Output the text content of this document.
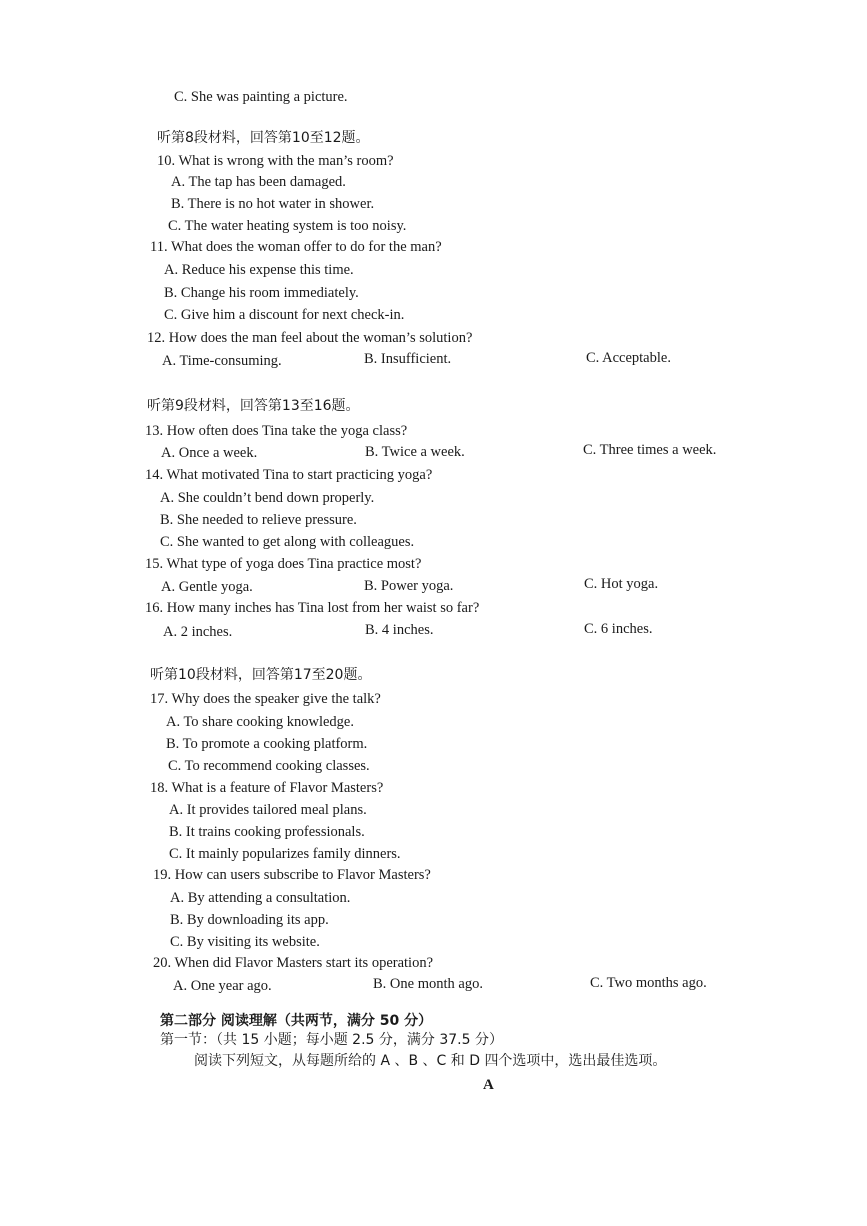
C. She was painting a picture.
听第8段材料，回答第10至12题。
10. What is wrong with the man’s room?
A. The tap has been damaged.
B. There is no hot water in shower.
C. The water heating system is too noisy.
11. What does the woman offer to do for the man?
A. Reduce his expense this time.
B. Change his room immediately.
C. Give him a discount for next check-in.
12. How does the man feel about the woman’s solution?
A. Time-consuming.	B. Insufficient.	C. Acceptable.
听第9段材料，回答第13至16题。
13. How often does Tina take the yoga class?
A. Once a week.	B. Twice a week.	C. Three times a week.
14. What motivated Tina to start practicing yoga?
A. She couldn’t bend down properly.
B. She needed to relieve pressure.
C. She wanted to get along with colleagues.
15. What type of yoga does Tina practice most?
A. Gentle yoga.	B. Power yoga.	C. Hot yoga.
16. How many inches has Tina lost from her waist so far?
A. 2 inches.	B. 4 inches.	C. 6 inches.
听第10段材料，回答第17至20题。
17. Why does the speaker give the talk?
A. To share cooking knowledge.
B. To promote a cooking platform.
C. To recommend cooking classes.
18. What is a feature of Flavor Masters?
A. It provides tailored meal plans.
B. It trains cooking professionals.
C. It mainly popularizes family dinners.
19. How can users subscribe to Flavor Masters?
A. By attending a consultation.
B. By downloading its app.
C. By visiting its website.
20. When did Flavor Masters start its operation?
A. One year ago.	B. One month ago.	C. Two months ago.
第二部分 阅读理解（共两节，满分 50 分）
第一节：（共 15 小题；每小题 2.5 分，满分 37.5 分）
阅读下列短文，从每题所给的 A 、B 、C 和 D 四个选项中，选出最佳选项。
A
